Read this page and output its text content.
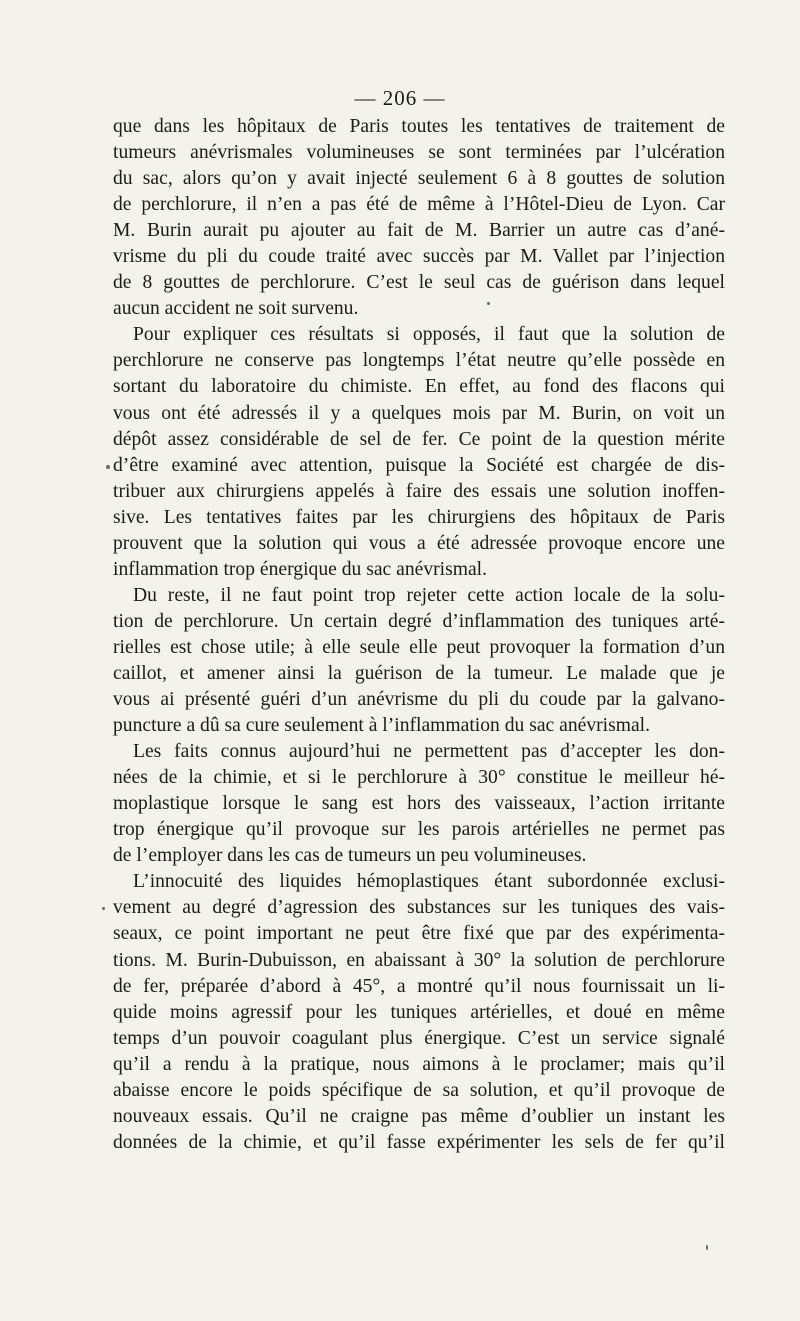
— 206 —
que dans les hôpitaux de Paris toutes les tentatives de traitement de
tumeurs anévrismales volumineuses se sont terminées par l’ulcération
du sac, alors qu’on y avait injecté seulement 6 à 8 gouttes de solution
de perchlorure, il n’en a pas été de même à l’Hôtel-Dieu de Lyon. Car
M. Burin aurait pu ajouter au fait de M. Barrier un autre cas d’ané-
vrisme du pli du coude traité avec succès par M. Vallet par l’injection
de 8 gouttes de perchlorure. C’est le seul cas de guérison dans lequel
aucun accident ne soit survenu.
Pour expliquer ces résultats si opposés, il faut que la solution de
perchlorure ne conserve pas longtemps l’état neutre qu’elle possède en
sortant du laboratoire du chimiste. En effet, au fond des flacons qui
vous ont été adressés il y a quelques mois par M. Burin, on voit un
dépôt assez considérable de sel de fer. Ce point de la question mérite
d’être examiné avec attention, puisque la Société est chargée de dis-
tribuer aux chirurgiens appelés à faire des essais une solution inoffen-
sive. Les tentatives faites par les chirurgiens des hôpitaux de Paris
prouvent que la solution qui vous a été adressée provoque encore une
inflammation trop énergique du sac anévrismal.
Du reste, il ne faut point trop rejeter cette action locale de la solu-
tion de perchlorure. Un certain degré d’inflammation des tuniques arté-
rielles est chose utile; à elle seule elle peut provoquer la formation d’un
caillot, et amener ainsi la guérison de la tumeur. Le malade que je
vous ai présenté guéri d’un anévrisme du pli du coude par la galvano-
puncture a dû sa cure seulement à l’inflammation du sac anévrismal.
Les faits connus aujourd’hui ne permettent pas d’accepter les don-
nées de la chimie, et si le perchlorure à 30° constitue le meilleur hé-
moplastique lorsque le sang est hors des vaisseaux, l’action irritante
trop énergique qu’il provoque sur les parois artérielles ne permet pas
de l’employer dans les cas de tumeurs un peu volumineuses.
L’innocuité des liquides hémoplastiques étant subordonnée exclusi-
vement au degré d’agression des substances sur les tuniques des vais-
seaux, ce point important ne peut être fixé que par des expérimenta-
tions. M. Burin-Dubuisson, en abaissant à 30° la solution de perchlorure
de fer, préparée d’abord à 45°, a montré qu’il nous fournissait un li-
quide moins agressif pour les tuniques artérielles, et doué en même
temps d’un pouvoir coagulant plus énergique. C’est un service signalé
qu’il a rendu à la pratique, nous aimons à le proclamer; mais qu’il
abaisse encore le poids spécifique de sa solution, et qu’il provoque de
nouveaux essais. Qu’il ne craigne pas même d’oublier un instant les
données de la chimie, et qu’il fasse expérimenter les sels de fer qu’il
